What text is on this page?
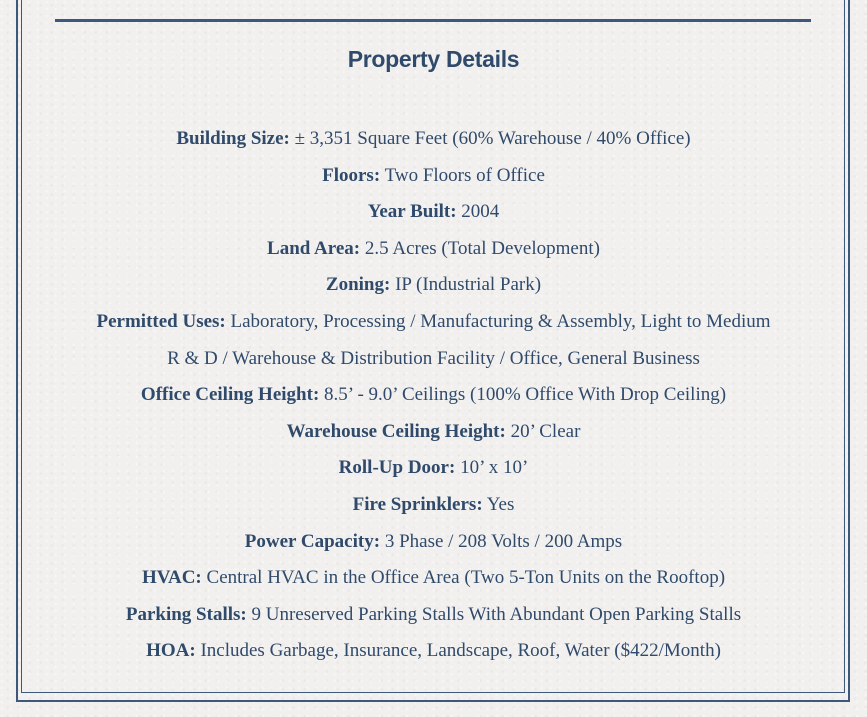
Property Details
Building Size: ± 3,351 Square Feet (60% Warehouse / 40% Office)
Floors: Two Floors of Office
Year Built: 2004
Land Area: 2.5 Acres (Total Development)
Zoning: IP (Industrial Park)
Permitted Uses: Laboratory, Processing / Manufacturing & Assembly, Light to Medium
R & D / Warehouse & Distribution Facility / Office, General Business
Office Ceiling Height: 8.5’ - 9.0’ Ceilings (100% Office With Drop Ceiling)
Warehouse Ceiling Height: 20’ Clear
Roll-Up Door: 10’ x 10’
Fire Sprinklers: Yes
Power Capacity: 3 Phase / 208 Volts / 200 Amps
HVAC: Central HVAC in the Office Area (Two 5-Ton Units on the Rooftop)
Parking Stalls: 9 Unreserved Parking Stalls With Abundant Open Parking Stalls
HOA: Includes Garbage, Insurance, Landscape, Roof, Water ($422/Month)
